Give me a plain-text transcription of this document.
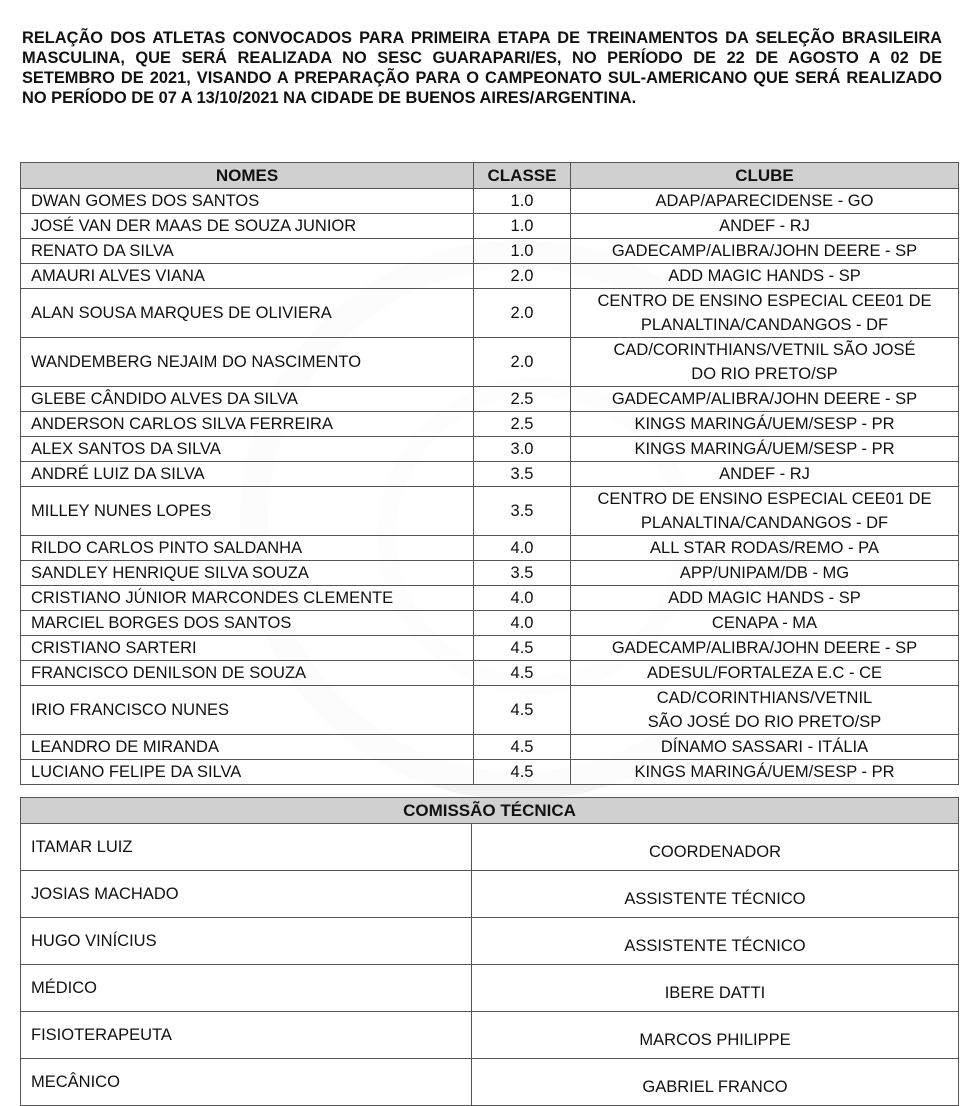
RELAÇÃO DOS ATLETAS CONVOCADOS PARA PRIMEIRA ETAPA DE TREINAMENTOS DA SELEÇÃO BRASILEIRA MASCULINA, QUE SERÁ REALIZADA NO SESC GUARAPARI/ES, NO PERÍODO DE 22 DE AGOSTO A 02 DE SETEMBRO DE 2021, VISANDO A PREPARAÇÃO PARA O CAMPEONATO SUL-AMERICANO QUE SERÁ REALIZADO NO PERÍODO DE 07 A 13/10/2021 NA CIDADE DE BUENOS AIRES/ARGENTINA.

NOMES	CLASSE	CLUBE
DWAN GOMES DOS SANTOS	1.0	ADAP/APARECIDENSE - GO
JOSÉ VAN DER MAAS DE SOUZA JUNIOR	1.0	ANDEF - RJ
RENATO DA SILVA	1.0	GADECAMP/ALIBRA/JOHN DEERE - SP
AMAURI ALVES VIANA	2.0	ADD MAGIC HANDS - SP
ALAN SOUSA MARQUES DE OLIVIERA	2.0	CENTRO DE ENSINO ESPECIAL CEE01 DE
PLANALTINA/CANDANGOS - DF
WANDEMBERG NEJAIM DO NASCIMENTO	2.0	CAD/CORINTHIANS/VETNIL SÃO JOSÉ
DO RIO PRETO/SP
GLEBE CÂNDIDO ALVES DA SILVA	2.5	GADECAMP/ALIBRA/JOHN DEERE - SP
ANDERSON CARLOS SILVA FERREIRA	2.5	KINGS MARINGÁ/UEM/SESP - PR
ALEX SANTOS DA SILVA	3.0	KINGS MARINGÁ/UEM/SESP - PR
ANDRÉ LUIZ DA SILVA	3.5	ANDEF - RJ
MILLEY NUNES LOPES	3.5	CENTRO DE ENSINO ESPECIAL CEE01 DE
PLANALTINA/CANDANGOS - DF
RILDO CARLOS PINTO SALDANHA	4.0	ALL STAR RODAS/REMO - PA
SANDLEY HENRIQUE SILVA SOUZA	3.5	APP/UNIPAM/DB - MG
CRISTIANO JÚNIOR MARCONDES CLEMENTE	4.0	ADD MAGIC HANDS - SP
MARCIEL BORGES DOS SANTOS	4.0	CENAPA - MA
CRISTIANO SARTERI	4.5	GADECAMP/ALIBRA/JOHN DEERE - SP
FRANCISCO DENILSON DE SOUZA	4.5	ADESUL/FORTALEZA E.C - CE
IRIO FRANCISCO NUNES	4.5	CAD/CORINTHIANS/VETNIL
SÃO JOSÉ DO RIO PRETO/SP
LEANDRO DE MIRANDA	4.5	DÍNAMO SASSARI - ITÁLIA
LUCIANO FELIPE DA SILVA	4.5	KINGS MARINGÁ/UEM/SESP - PR
COMISSÃO TÉCNICA	
ITAMAR LUIZ	COORDENADOR
JOSIAS MACHADO	ASSISTENTE TÉCNICO
HUGO VINÍCIUS	ASSISTENTE TÉCNICO
MÉDICO	IBERE DATTI
FISIOTERAPEUTA	MARCOS PHILIPPE
MECÂNICO	GABRIEL FRANCO
